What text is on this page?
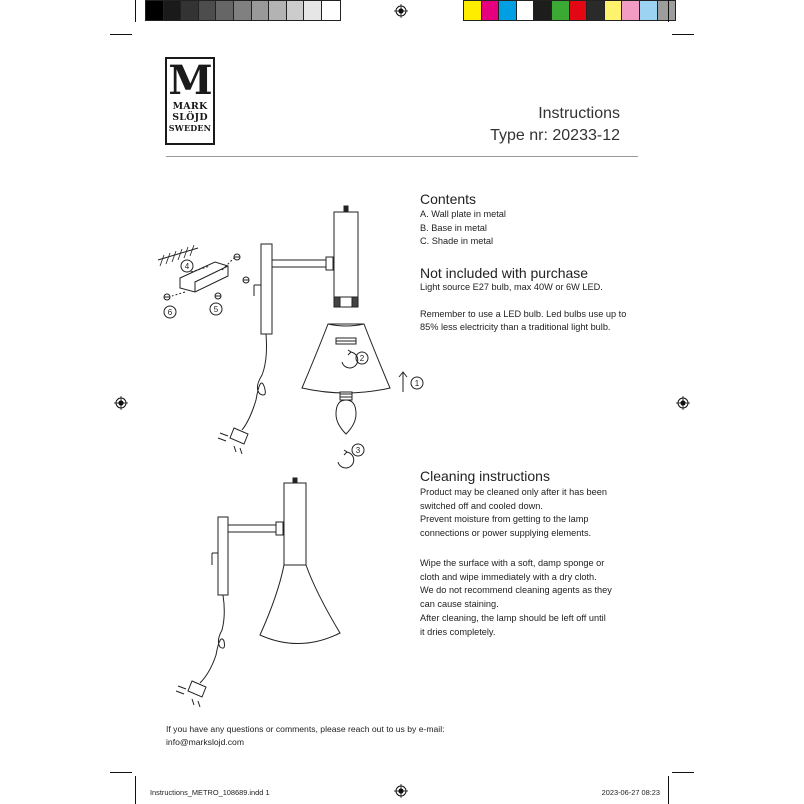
M
MARK
SLÖJD
SWEDEN
Instructions
Type nr: 20233-12
Contents
A. Wall plate in metal
B. Base in metal
C. Shade in metal
Not included with purchase
Light source E27 bulb, max 40W or 6W LED.
Remember to use a LED bulb. Led bulbs use up to
85% less electricity than a traditional light bulb.
Cleaning instructions
Product may be cleaned only after it has been
switched off and cooled down.
Prevent moisture from getting to the lamp
connections or power supplying elements.
Wipe the surface with a soft, damp sponge or
cloth and wipe immediately with a dry cloth.
We do not recommend cleaning agents as they
can cause staining.
After cleaning, the lamp should be left off until
it dries completely.
4
5
6
2
1
3
If you have any questions or comments, please reach out to us by e-mail:
info@markslojd.com
Instructions_METRO_108689.indd 1	2023-06-27 08:23
